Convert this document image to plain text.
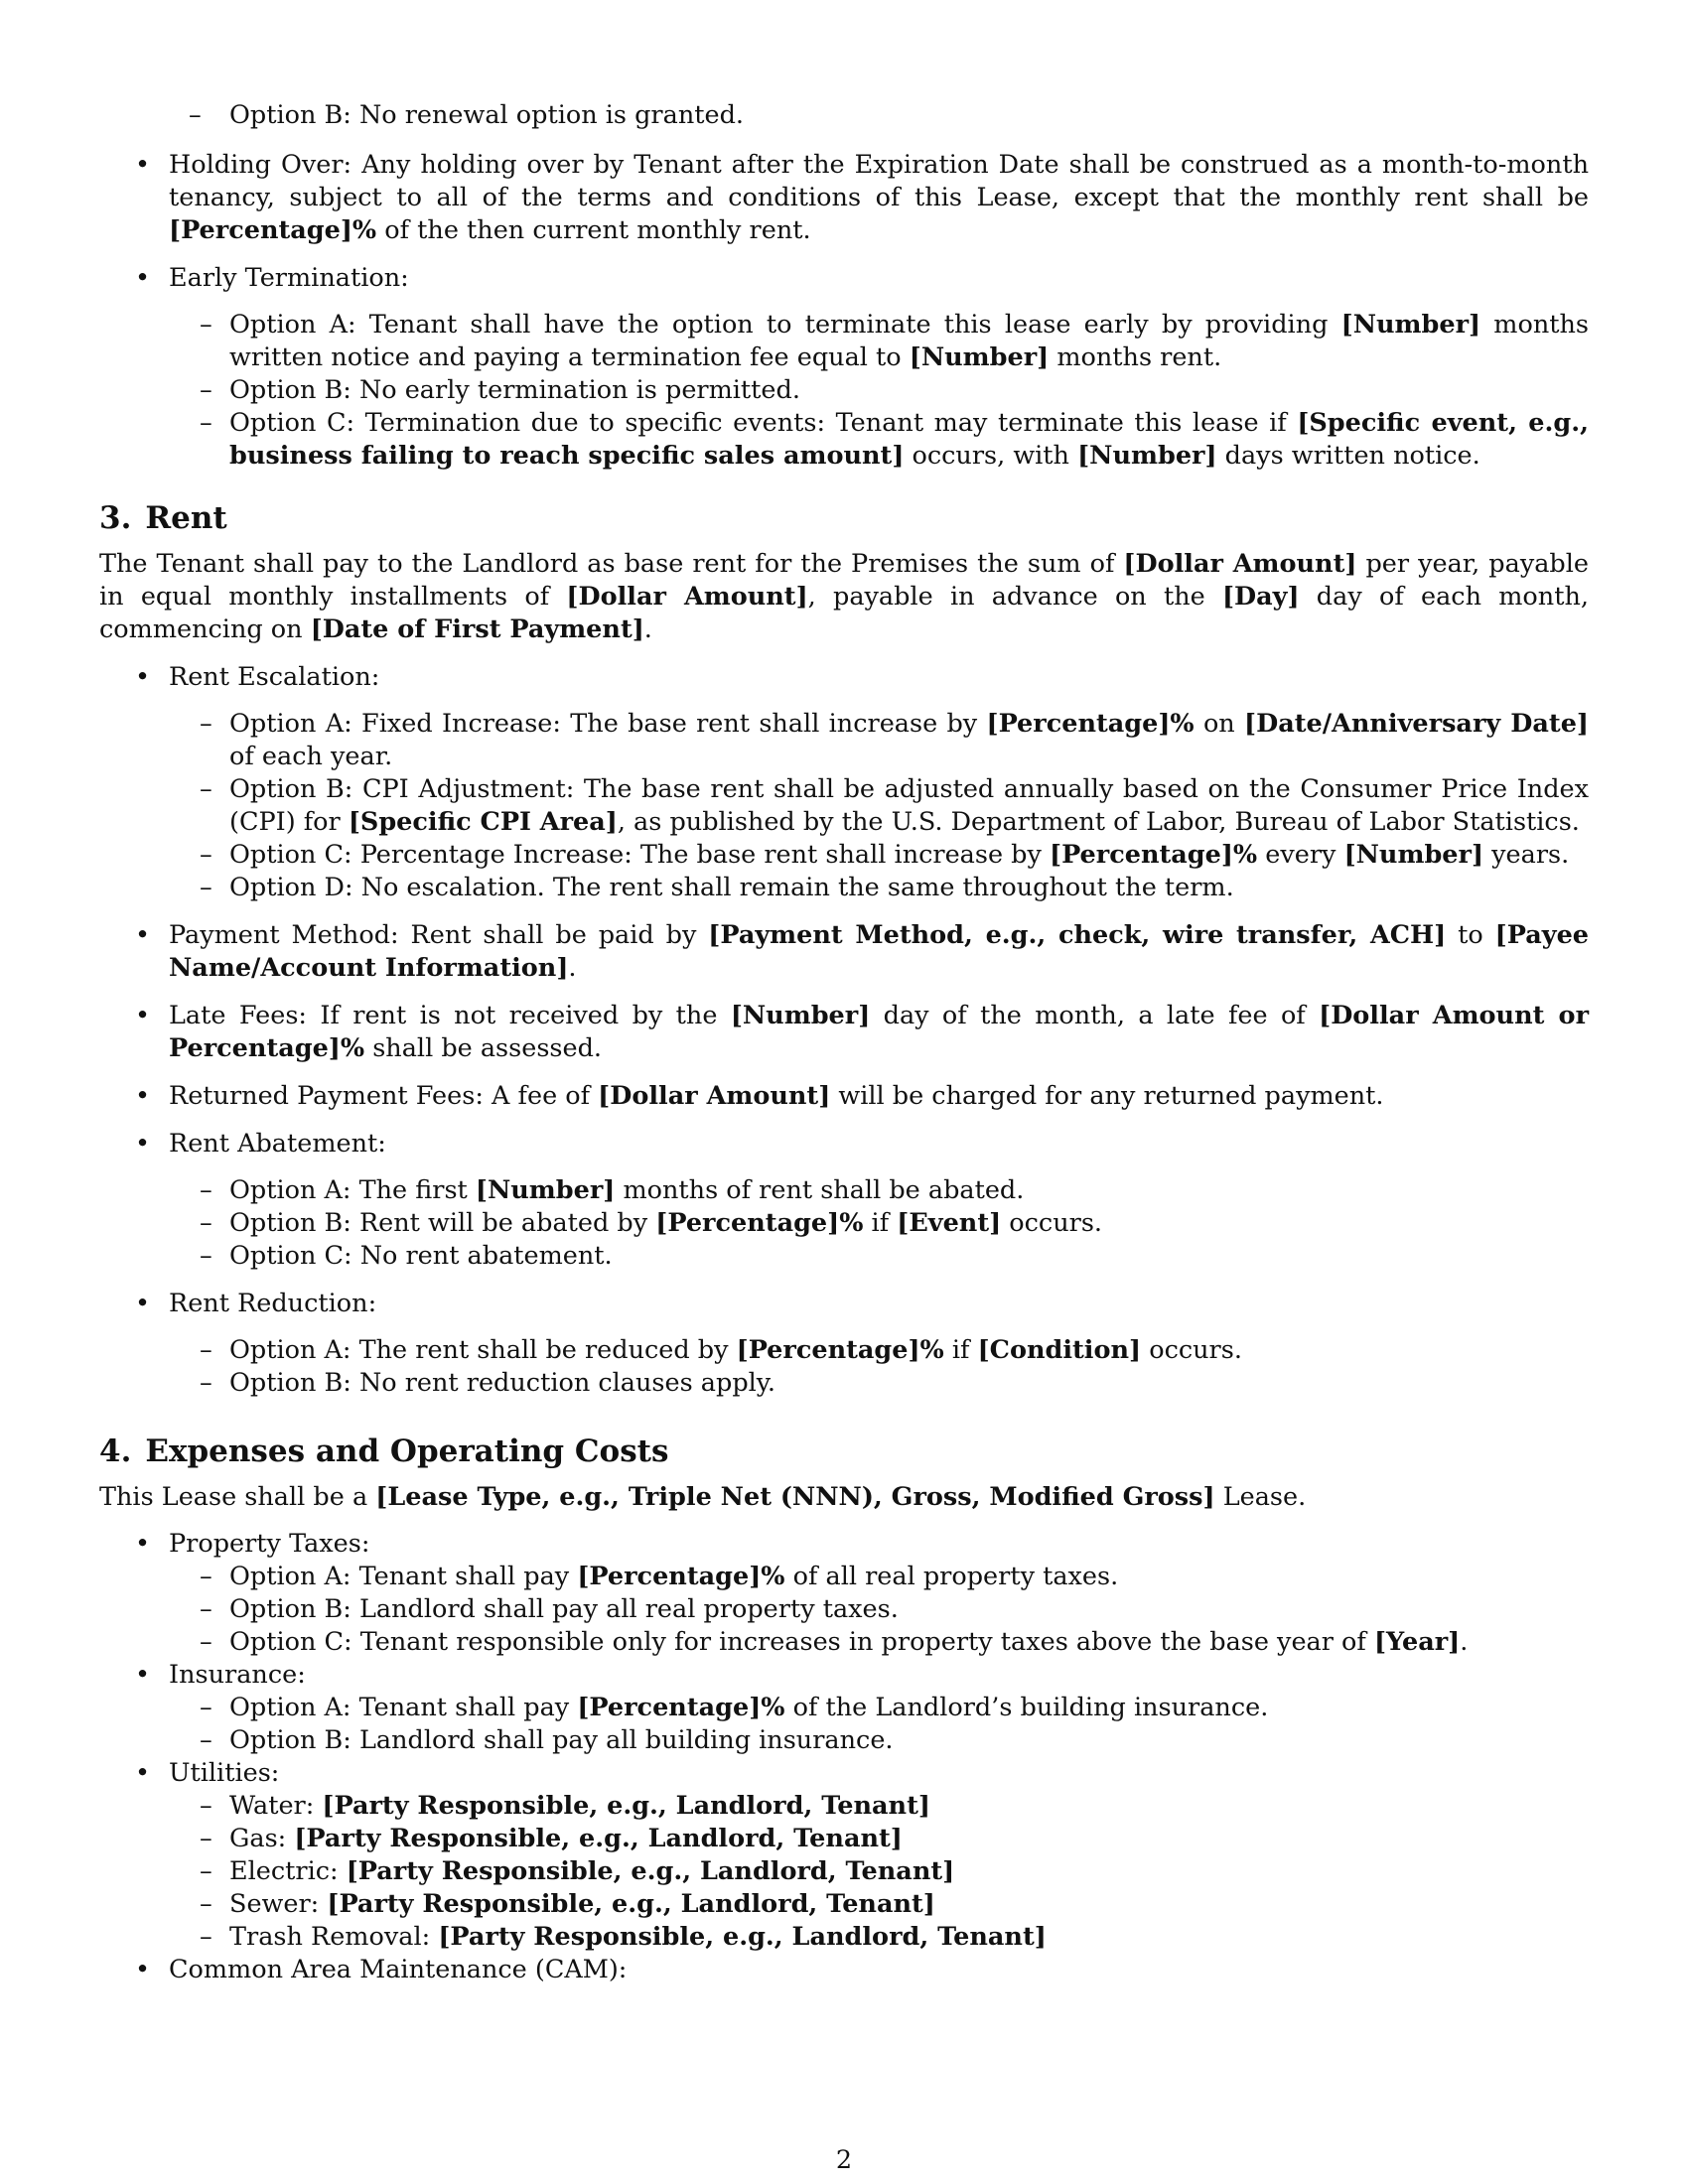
– Option B: No renewal option is granted.
• Holding Over: Any holding over by Tenant after the Expiration Date shall be construed as a month-to-month tenancy, subject to all of the terms and conditions of this Lease, except that the monthly rent shall be [Percentage]% of the then current monthly rent.
• Early Termination:
– Option A: Tenant shall have the option to terminate this lease early by providing [Number] months written notice and paying a termination fee equal to [Number] months rent.
– Option B: No early termination is permitted.
– Option C: Termination due to specific events: Tenant may terminate this lease if [Specific event, e.g., business failing to reach specific sales amount] occurs, with [Number] days written notice.
3. Rent

The Tenant shall pay to the Landlord as base rent for the Premises the sum of [Dollar Amount] per year, payable in equal monthly installments of [Dollar Amount], payable in advance on the [Day] day of each month, commencing on [Date of First Payment].

• Rent Escalation:
– Option A: Fixed Increase: The base rent shall increase by [Percentage]% on [Date/Anniversary Date] of each year.
– Option B: CPI Adjustment: The base rent shall be adjusted annually based on the Consumer Price Index (CPI) for [Specific CPI Area], as published by the U.S. Department of Labor, Bureau of Labor Statistics.
– Option C: Percentage Increase: The base rent shall increase by [Percentage]% every [Number] years.
– Option D: No escalation. The rent shall remain the same throughout the term.
• Payment Method: Rent shall be paid by [Payment Method, e.g., check, wire transfer, ACH] to [Payee Name/Account Information].
• Late Fees: If rent is not received by the [Number] day of the month, a late fee of [Dollar Amount or Percentage]% shall be assessed.
• Returned Payment Fees: A fee of [Dollar Amount] will be charged for any returned payment.
• Rent Abatement:
– Option A: The first [Number] months of rent shall be abated.
– Option B: Rent will be abated by [Percentage]% if [Event] occurs.
– Option C: No rent abatement.
• Rent Reduction:
– Option A: The rent shall be reduced by [Percentage]% if [Condition] occurs.
– Option B: No rent reduction clauses apply.
4. Expenses and Operating Costs

This Lease shall be a [Lease Type, e.g., Triple Net (NNN), Gross, Modified Gross] Lease.

• Property Taxes:
– Option A: Tenant shall pay [Percentage]% of all real property taxes.
– Option B: Landlord shall pay all real property taxes.
– Option C: Tenant responsible only for increases in property taxes above the base year of [Year].
• Insurance:
– Option A: Tenant shall pay [Percentage]% of the Landlord’s building insurance.
– Option B: Landlord shall pay all building insurance.
• Utilities:
– Water: [Party Responsible, e.g., Landlord, Tenant]
– Gas: [Party Responsible, e.g., Landlord, Tenant]
– Electric: [Party Responsible, e.g., Landlord, Tenant]
– Sewer: [Party Responsible, e.g., Landlord, Tenant]
– Trash Removal: [Party Responsible, e.g., Landlord, Tenant]
• Common Area Maintenance (CAM):
2
